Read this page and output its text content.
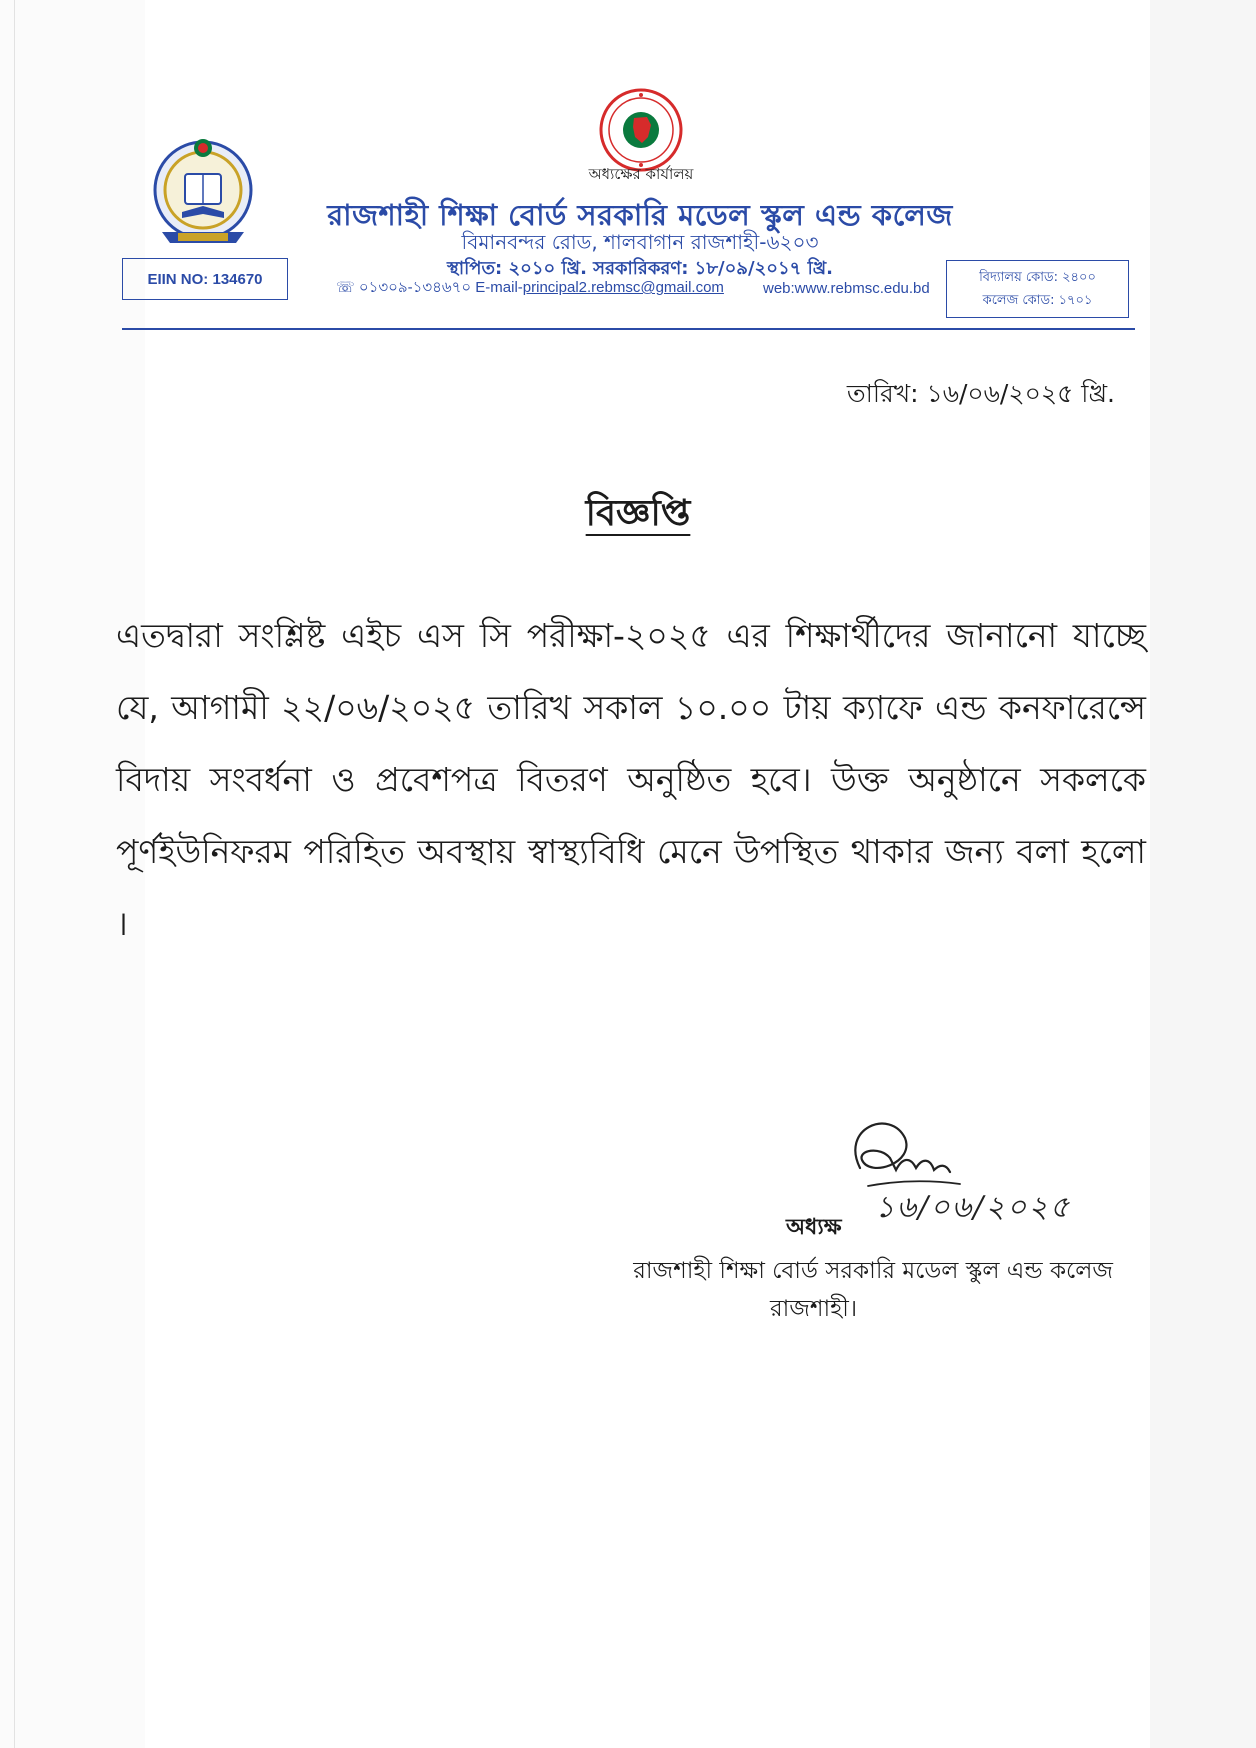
অধ্যক্ষের কার্যালয়
রাজশাহী শিক্ষা বোর্ড সরকারি মডেল স্কুল এন্ড কলেজ
বিমানবন্দর রোড, শালবাগান রাজশাহী-৬২০৩
স্থাপিত: ২০১০ খ্রি. সরকারিকরণ: ১৮/০৯/২০১৭ খ্রি.
EIIN NO: 134670	☏ ০১৩০৯-১৩৪৬৭০ E-mail-principal2.rebmsc@gmail.com	web:www.rebmsc.edu.bd
বিদ্যালয় কোড: ২৪০০
কলেজ কোড: ১৭০১
তারিখ: ১৬/০৬/২০২৫ খ্রি.
বিজ্ঞপ্তি

এতদ্বারা সংশ্লিষ্ট এইচ এস সি পরীক্ষা-২০২৫ এর শিক্ষার্থীদের জানানো যাচ্ছে যে, আগামী ২২/০৬/২০২৫ তারিখ সকাল ১০.০০ টায় ক্যাফে এন্ড কনফারেন্সে বিদায় সংবর্ধনা ও প্রবেশপত্র বিতরণ অনুষ্ঠিত হবে। উক্ত অনুষ্ঠানে সকলকে পূর্ণইউনিফরম পরিহিত অবস্থায় স্বাস্থ্যবিধি মেনে উপস্থিত থাকার জন্য বলা হলো ।

১৬/০৬/২০২৫
অধ্যক্ষ
রাজশাহী শিক্ষা বোর্ড সরকারি মডেল স্কুল এন্ড কলেজ
রাজশাহী।
